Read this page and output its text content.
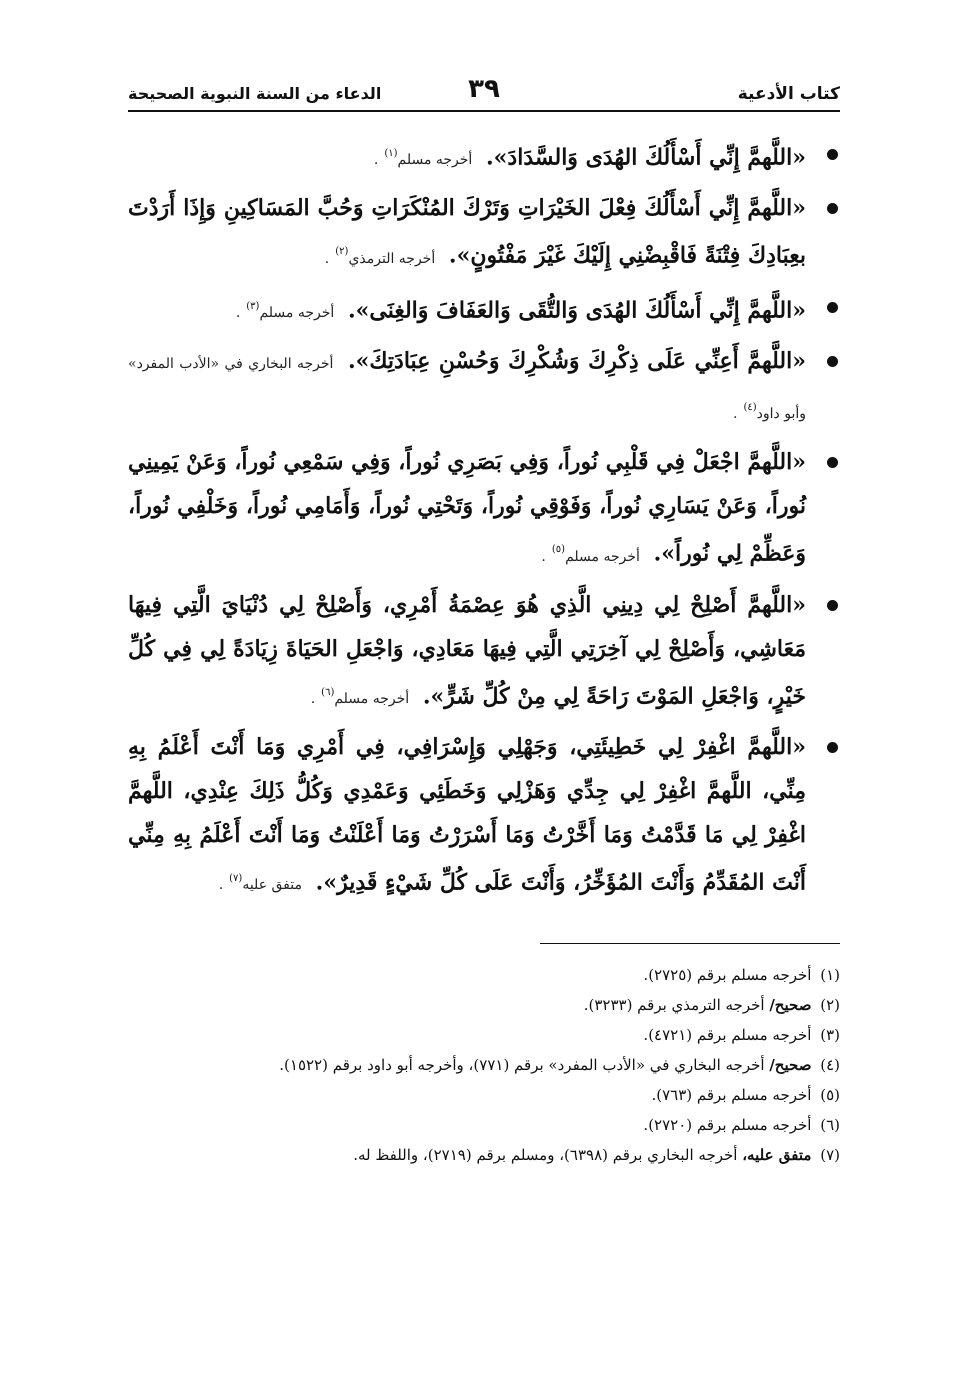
كتاب الأدعية
٣٩
الدعاء من السنة النبوية الصحيحة
«اللَّهمَّ إِنِّي أَسْأَلُكَ الهُدَى وَالسَّدَادَ». أخرجه مسلم$^{(١)}$.
«اللَّهمَّ إِنِّي أَسْأَلُكَ فِعْلَ الخَيْرَاتِ وَتَرْكَ المُنْكَرَاتِ وَحُبَّ المَسَاكِينِ وَإِذَا أَرَدْتَ بعِبَادِكَ فِتْنَةً فَاقْبِضْنِي إِلَيْكَ غَيْرَ مَفْتُونٍ». أخرجه الترمذي$^{(٢)}$.
«اللَّهمَّ إِنِّي أَسْأَلُكَ الهُدَى وَالتُّقَى وَالعَفَافَ وَالغِنَى». أخرجه مسلم$^{(٣)}$.
«اللَّهمَّ أَعِنِّي عَلَى ذِكْرِكَ وَشُكْرِكَ وَحُسْنِ عِبَادَتِكَ». أخرجه البخاري في «الأدب المفرد» وأبو داود$^{(٤)}$.
«اللَّهمَّ اجْعَلْ فِي قَلْبِي نُوراً، وَفِي بَصَرِي نُوراً، وَفِي سَمْعِي نُوراً، وَعَنْ يَمِينِي نُوراً، وَعَنْ يَسَارِي نُوراً، وَفَوْقِي نُوراً، وَتَحْتِي نُوراً، وَأَمَامِي نُوراً، وَخَلْفِي نُوراً، وَعَظِّمْ لِي نُوراً». أخرجه مسلم$^{(٥)}$.
«اللَّهمَّ أَصْلِحْ لِي دِينِي الَّذِي هُوَ عِصْمَةُ أَمْرِي، وَأَصْلِحْ لِي دُنْيَايَ الَّتِي فِيهَا مَعَاشِي، وَأَصْلِحْ لِي آخِرَتِي الَّتِي فِيهَا مَعَادِي، وَاجْعَلِ الحَيَاةَ زِيَادَةً لِي فِي كُلِّ خَيْرٍ، وَاجْعَلِ المَوْتَ رَاحَةً لِي مِنْ كُلِّ شَرٍّ». أخرجه مسلم$^{(٦)}$.
«اللَّهمَّ اغْفِرْ لِي خَطِيئَتِي، وَجَهْلِي وَإِسْرَافِي، فِي أَمْرِي وَمَا أَنْتَ أَعْلَمُ بِهِ مِنِّي، اللَّهمَّ اغْفِرْ لِي جِدِّي وَهَزْلِي وَخَطَئِي وَعَمْدِي وَكُلُّ ذَلِكَ عِنْدِي، اللَّهمَّ اغْفِرْ لِي مَا قَدَّمْتُ وَمَا أَخَّرْتُ وَمَا أَسْرَرْتُ وَمَا أَعْلَنْتُ وَمَا أَنْتَ أَعْلَمُ بِهِ مِنِّي أَنْتَ المُقَدِّمُ وَأَنْتَ المُؤَخِّرُ، وَأَنْتَ عَلَى كُلِّ شَيْءٍ قَدِيرٌ». متفق عليه$^{(٧)}$.
(١) أخرجه مسلم برقم (٢٧٢٥).
(٢) صحيح/ أخرجه الترمذي برقم (٣٢٣٣).
(٣) أخرجه مسلم برقم (٤٧٢١).
(٤) صحيح/ أخرجه البخاري في «الأدب المفرد» برقم (٧٧١)، وأخرجه أبو داود برقم (١٥٢٢).
(٥) أخرجه مسلم برقم (٧٦٣).
(٦) أخرجه مسلم برقم (٢٧٢٠).
(٧) متفق عليه، أخرجه البخاري برقم (٦٣٩٨)، ومسلم برقم (٢٧١٩)، واللفظ له.
